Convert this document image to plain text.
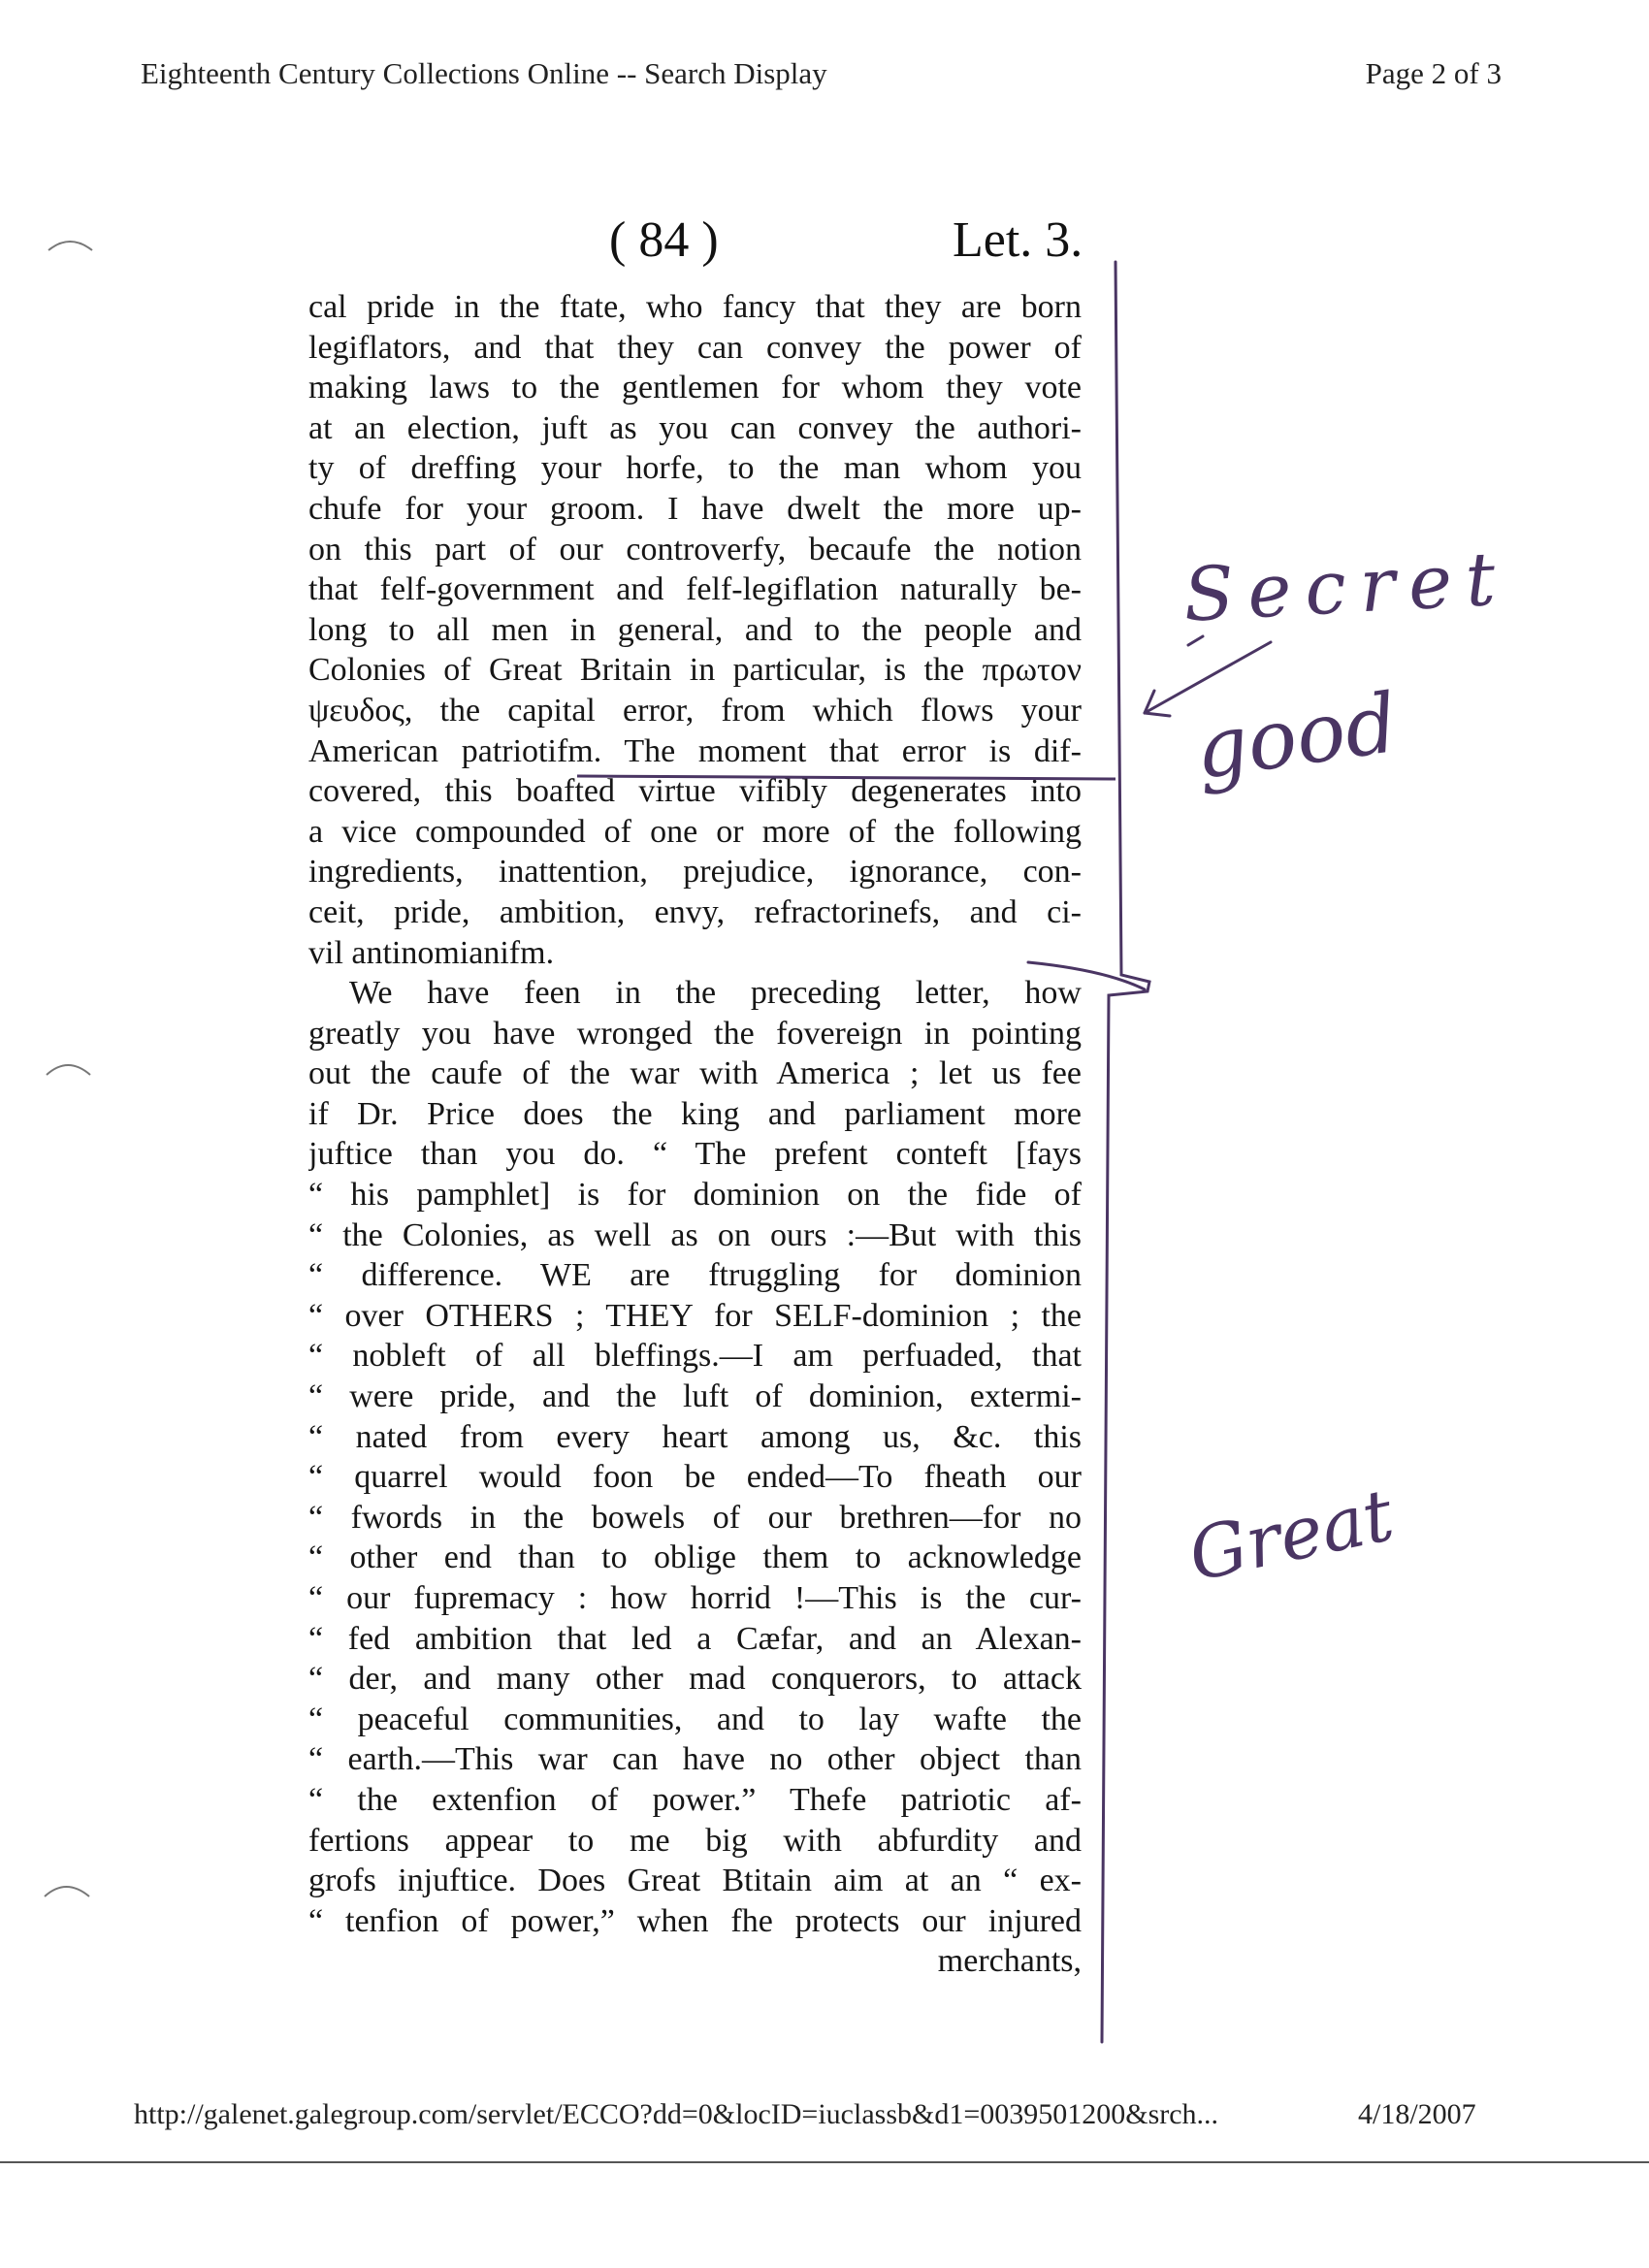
Eighteenth Century Collections Online -- Search Display	Page 2 of 3
( 84 )	Let. 3.
cal pride in the ftate, who fancy that they are born
legiflators, and that they can convey the power of
making laws to the gentlemen for whom they vote
at an election, juft as you can convey the authori-
ty of dreffing your horfe, to the man whom you
chufe for your groom. I have dwelt the more up-
on this part of our controverfy, becaufe the notion
that felf-government and felf-legiflation naturally be-
long to all men in general, and to the people and
Colonies of Great Britain in particular, is the πρωτον
ψευδος, the capital error, from which flows your
American patriotifm. The moment that error is dif-
covered, this boafted virtue vifibly degenerates into
a vice compounded of one or more of the following
ingredients, inattention, prejudice, ignorance, con-
ceit, pride, ambition, envy, refractorinefs, and ci-
vil antinomianifm.
We have feen in the preceding letter, how
greatly you have wronged the fovereign in pointing
out the caufe of the war with America ; let us fee
if Dr. Price does the king and parliament more
juftice than you do. “ The prefent conteft [fays
“ his pamphlet] is for dominion on the fide of
“ the Colonies, as well as on ours :—But with this
“ difference. WE are ftruggling for dominion
“ over OTHERS ; THEY for SELF-dominion ; the
“ nobleft of all bleffings.—I am perfuaded, that
“ were pride, and the luft of dominion, extermi-
“ nated from every heart among us, &c. this
“ quarrel would foon be ended—To fheath our
“ fwords in the bowels of our brethren—for no
“ other end than to oblige them to acknowledge
“ our fupremacy : how horrid !—This is the cur-
“ fed ambition that led a Cæfar, and an Alexan-
“ der, and many other mad conquerors, to attack
“ peaceful communities, and to lay wafte the
“ earth.—This war can have no other object than
“ the extenfion of power.” Thefe patriotic af-
fertions appear to me big with abfurdity and
grofs injuftice. Does Great Btitain aim at an “ ex-
“ tenfion of power,” when fhe protects our injured
merchants,
Secret
good
Great
http://galenet.galegroup.com/servlet/ECCO?dd=0&locID=iuclassb&d1=0039501200&srch...	4/18/2007
